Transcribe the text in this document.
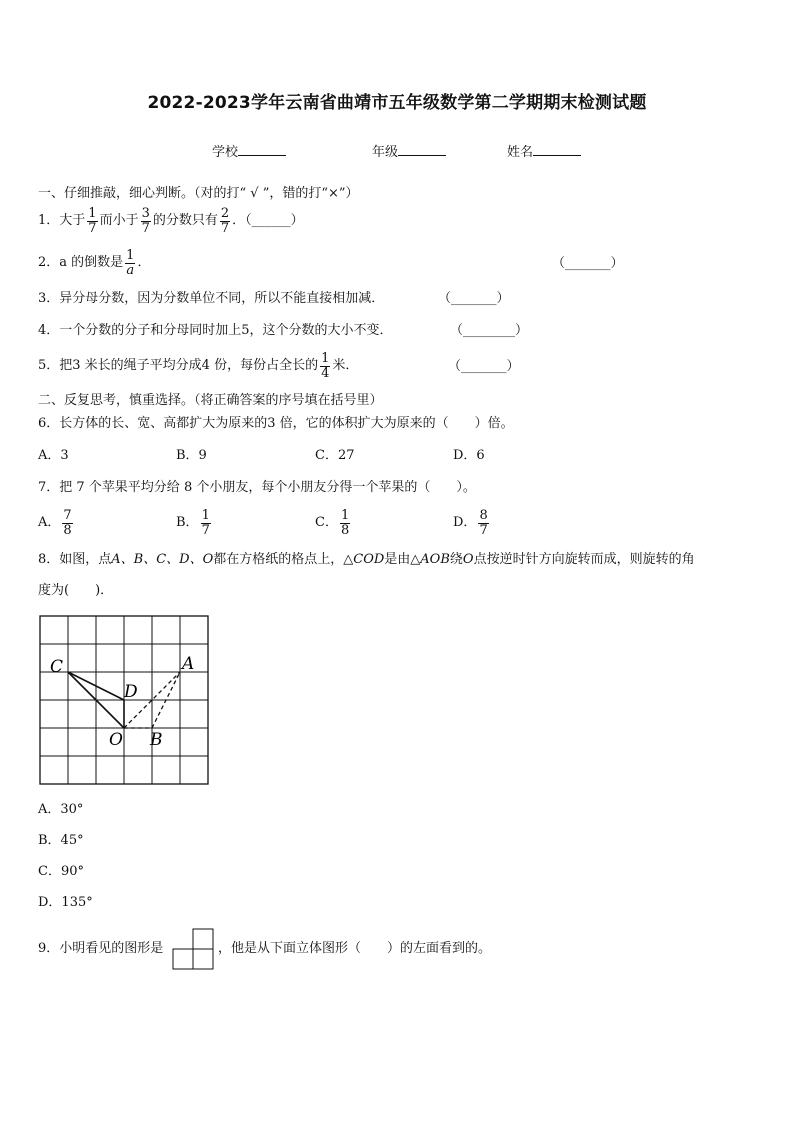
2022-2023学年云南省曲靖市五年级数学第二学期期末检测试题
学校	年级	姓名
一、仔细推敲，细心判断。（对的打“ √ ”，错的打“×”）
1．大于 $\frac{1}{7}$ 而小于 $\frac{3}{7}$ 的分数只有 $\frac{2}{7}$ ．（______）
2．a 的倒数是 $\frac{1}{a}$ ．	（_______）
3．异分母分数，因为分数单位不同，所以不能直接相加减．	（_______）
4．一个分数的分子和分母同时加上5，这个分数的大小不变．	（________）
5．把3 米长的绳子平均分成4 份，每份占全长的 $\frac{1}{4}$ 米．	（_______）
二、反复思考，慎重选择。（将正确答案的序号填在括号里）
6．长方体的长、宽、高都扩大为原来的3 倍，它的体积扩大为原来的（　　）倍。
A．3	B．9	C．27	D．6
7．把 7 个苹果平均分给 8 个小朋友，每个小朋友分得一个苹果的（　　）。
A． $\frac{7}{8}$	B． $\frac{1}{7}$	C． $\frac{1}{8}$	D． $\frac{8}{7}$
8．如图，点A、B、C、D、O都在方格纸的格点上，△COD是由△AOB绕O点按逆时针方向旋转而成，则旋转的角
度为(　　)．
C
D
A
O B
A．30°
B．45°
C．90°
D．135°
9．小明看见的图形是	，他是从下面立体图形（　　）的左面看到的。
